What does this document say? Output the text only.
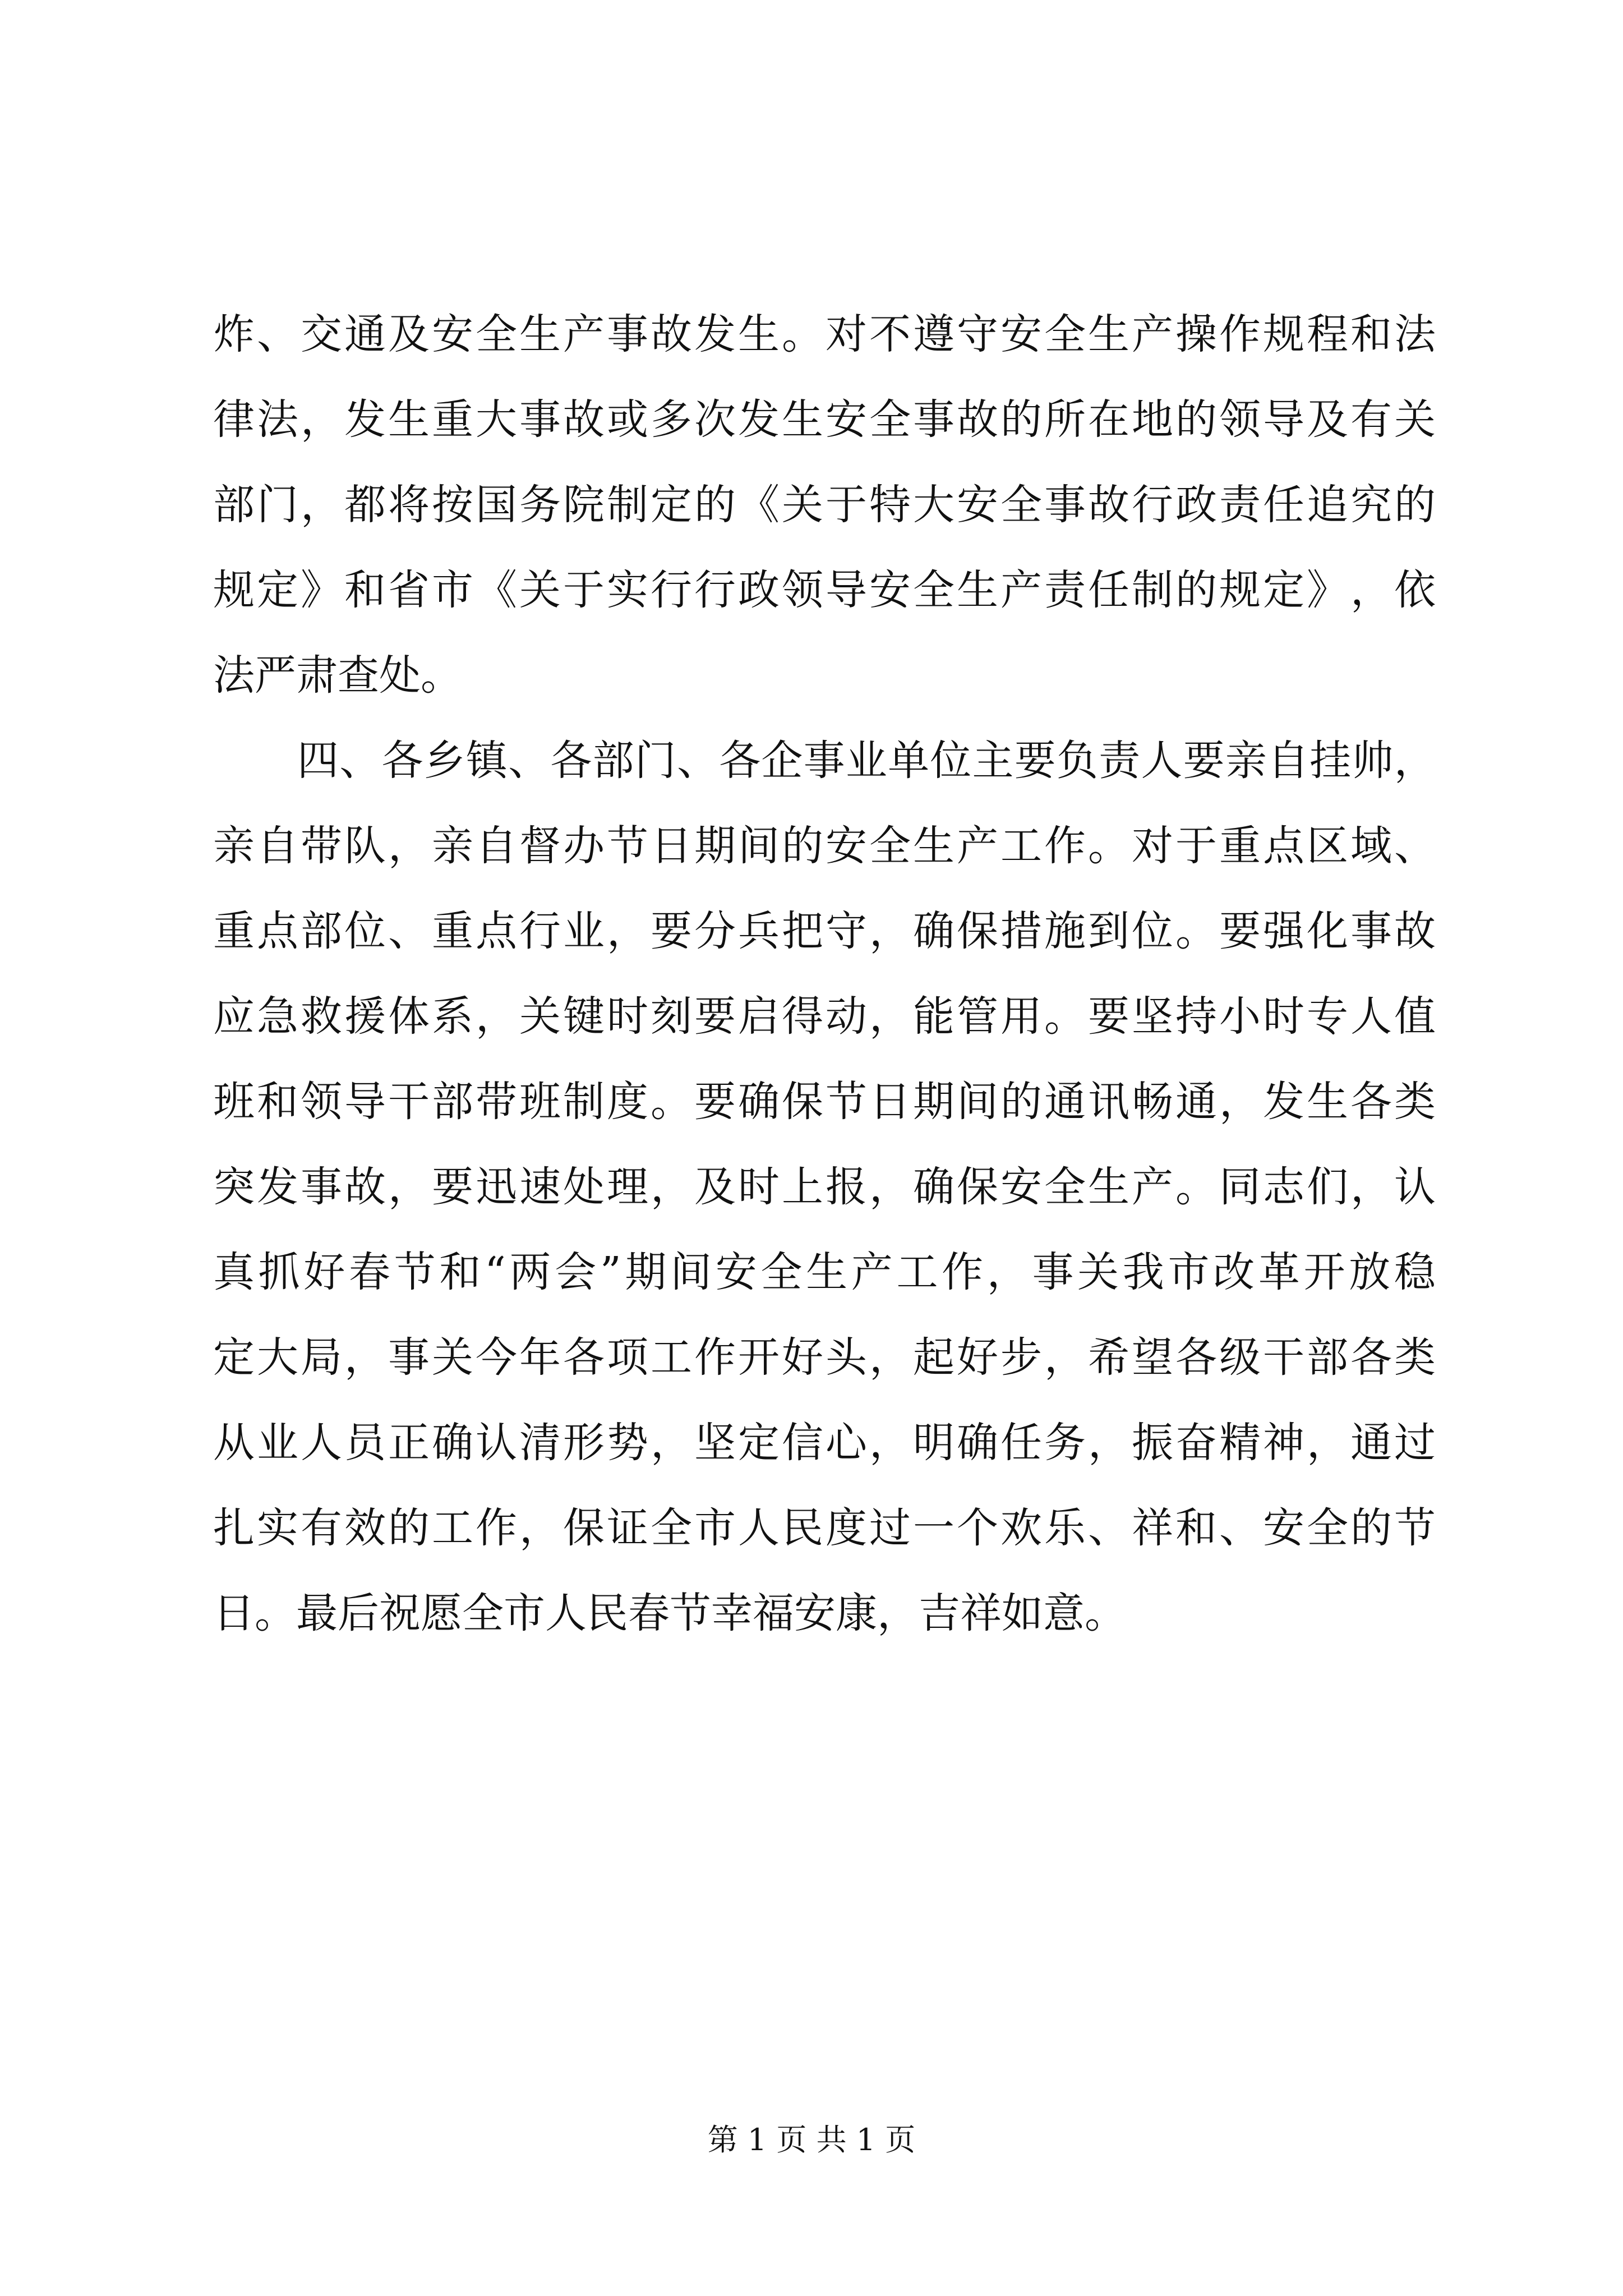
炸 、 交 通 及 安 全 生 产 事 故 发 生 。 对 不 遵 守 安 全 生 产 操 作 规 程 和 法
律 法 ， 发 生 重 大 事 故 或 多 次 发 生 安 全 事 故 的 所 在 地 的 领 导 及 有 关
部 门 ， 都 将 按 国 务 院 制 定 的 《 关 于 特 大 安 全 事 故 行 政 责 任 追 究 的
规 定 》 和 省 市 《 关 于 实 行 行 政 领 导 安 全 生 产 责 任 制 的 规 定 》 ， 依
法严肃查处。
四 、 各 乡 镇 、 各 部 门 、 各 企 事 业 单 位 主 要 负 责 人 要 亲 自 挂 帅 ，
亲 自 带 队 ， 亲 自 督 办 节 日 期 间 的 安 全 生 产 工 作 。 对 于 重 点 区 域 、
重 点 部 位 、 重 点 行 业 ， 要 分 兵 把 守 ， 确 保 措 施 到 位 。 要 强 化 事 故
应 急 救 援 体 系 ， 关 键 时 刻 要 启 得 动 ， 能 管 用 。 要 坚 持 小 时 专 人 值
班 和 领 导 干 部 带 班 制 度 。 要 确 保 节 日 期 间 的 通 讯 畅 通 ， 发 生 各 类
突 发 事 故 ， 要 迅 速 处 理 ， 及 时 上 报 ， 确 保 安 全 生 产 。 同 志 们 ， 认
真 抓 好 春 节 和 “ 两 会 ” 期 间 安 全 生 产 工 作 ， 事 关 我 市 改 革 开 放 稳
定 大 局 ， 事 关 今 年 各 项 工 作 开 好 头 ， 起 好 步 ， 希 望 各 级 干 部 各 类
从 业 人 员 正 确 认 清 形 势 ， 坚 定 信 心 ， 明 确 任 务 ， 振 奋 精 神 ， 通 过
扎 实 有 效 的 工 作 ， 保 证 全 市 人 民 度 过 一 个 欢 乐 、 祥 和 、 安 全 的 节
日。最后祝愿全市人民春节幸福安康，吉祥如意。
第 1 页 共 1 页
